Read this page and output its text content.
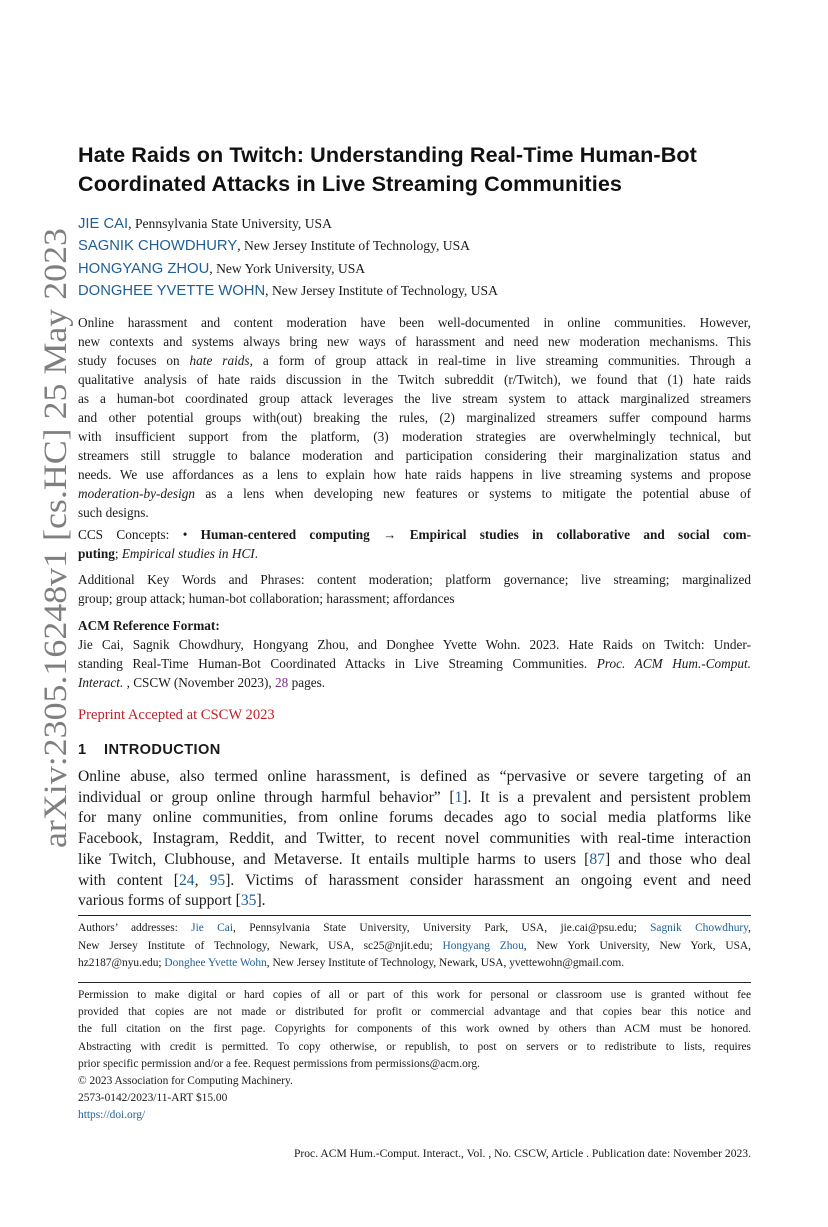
arXiv:2305.16248v1 [cs.HC] 25 May 2023
Hate Raids on Twitch: Understanding Real-Time Human-Bot
Coordinated Attacks in Live Streaming Communities
JIE CAI, Pennsylvania State University, USA
SAGNIK CHOWDHURY, New Jersey Institute of Technology, USA
HONGYANG ZHOU, New York University, USA
DONGHEE YVETTE WOHN, New Jersey Institute of Technology, USA
Online harassment and content moderation have been well-documented in online communities. However,
new contexts and systems always bring new ways of harassment and need new moderation mechanisms. This
study focuses on hate raids, a form of group attack in real-time in live streaming communities. Through a
qualitative analysis of hate raids discussion in the Twitch subreddit (r/Twitch), we found that (1) hate raids
as a human-bot coordinated group attack leverages the live stream system to attack marginalized streamers
and other potential groups with(out) breaking the rules, (2) marginalized streamers suffer compound harms
with insufficient support from the platform, (3) moderation strategies are overwhelmingly technical, but
streamers still struggle to balance moderation and participation considering their marginalization status and
needs. We use affordances as a lens to explain how hate raids happens in live streaming systems and propose
moderation-by-design as a lens when developing new features or systems to mitigate the potential abuse of
such designs.
CCS Concepts: • Human-centered computing → Empirical studies in collaborative and social com-
puting; Empirical studies in HCI.
Additional Key Words and Phrases: content moderation; platform governance; live streaming; marginalized
group; group attack; human-bot collaboration; harassment; affordances
ACM Reference Format:
Jie Cai, Sagnik Chowdhury, Hongyang Zhou, and Donghee Yvette Wohn. 2023. Hate Raids on Twitch: Under-
standing Real-Time Human-Bot Coordinated Attacks in Live Streaming Communities. Proc. ACM Hum.-Comput.
Interact. , CSCW (November 2023), 28 pages.
Preprint Accepted at CSCW 2023
1 INTRODUCTION
Online abuse, also termed online harassment, is defined as “pervasive or severe targeting of an
individual or group online through harmful behavior” [1]. It is a prevalent and persistent problem
for many online communities, from online forums decades ago to social media platforms like
Facebook, Instagram, Reddit, and Twitter, to recent novel communities with real-time interaction
like Twitch, Clubhouse, and Metaverse. It entails multiple harms to users [87] and those who deal
with content [24, 95]. Victims of harassment consider harassment an ongoing event and need
various forms of support [35].
Authors’ addresses: Jie Cai, Pennsylvania State University, University Park, USA, jie.cai@psu.edu; Sagnik Chowdhury,
New Jersey Institute of Technology, Newark, USA, sc25@njit.edu; Hongyang Zhou, New York University, New York, USA,
hz2187@nyu.edu; Donghee Yvette Wohn, New Jersey Institute of Technology, Newark, USA, yvettewohn@gmail.com.
Permission to make digital or hard copies of all or part of this work for personal or classroom use is granted without fee
provided that copies are not made or distributed for profit or commercial advantage and that copies bear this notice and
the full citation on the first page. Copyrights for components of this work owned by others than ACM must be honored.
Abstracting with credit is permitted. To copy otherwise, or republish, to post on servers or to redistribute to lists, requires
prior specific permission and/or a fee. Request permissions from permissions@acm.org.
© 2023 Association for Computing Machinery.
2573-0142/2023/11-ART $15.00
https://doi.org/
Proc. ACM Hum.-Comput. Interact., Vol. , No. CSCW, Article . Publication date: November 2023.
